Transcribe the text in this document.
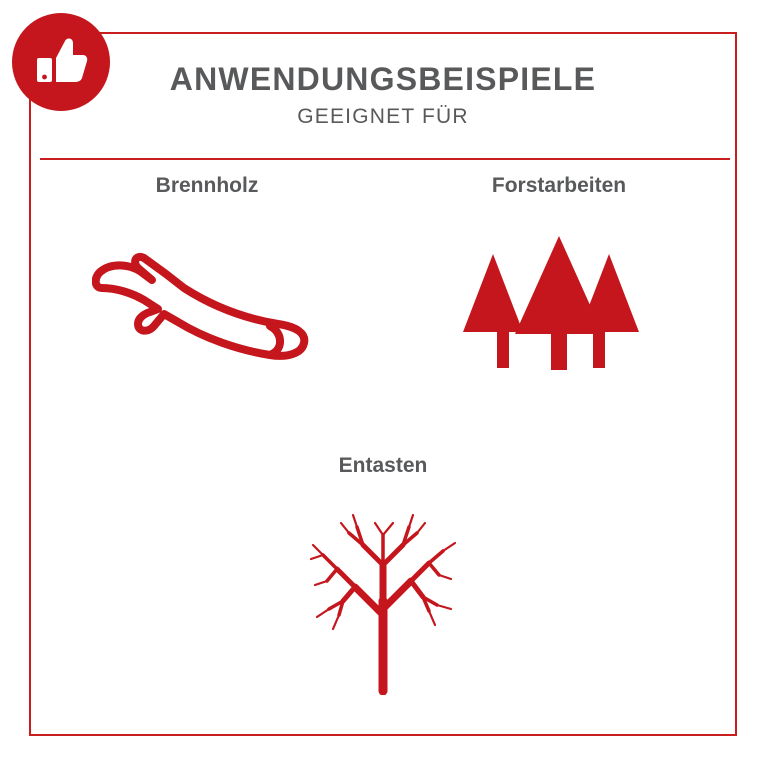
ANWENDUNGSBEISPIELE
GEEIGNET FÜR
Brennholz	Forstarbeiten
Entasten
